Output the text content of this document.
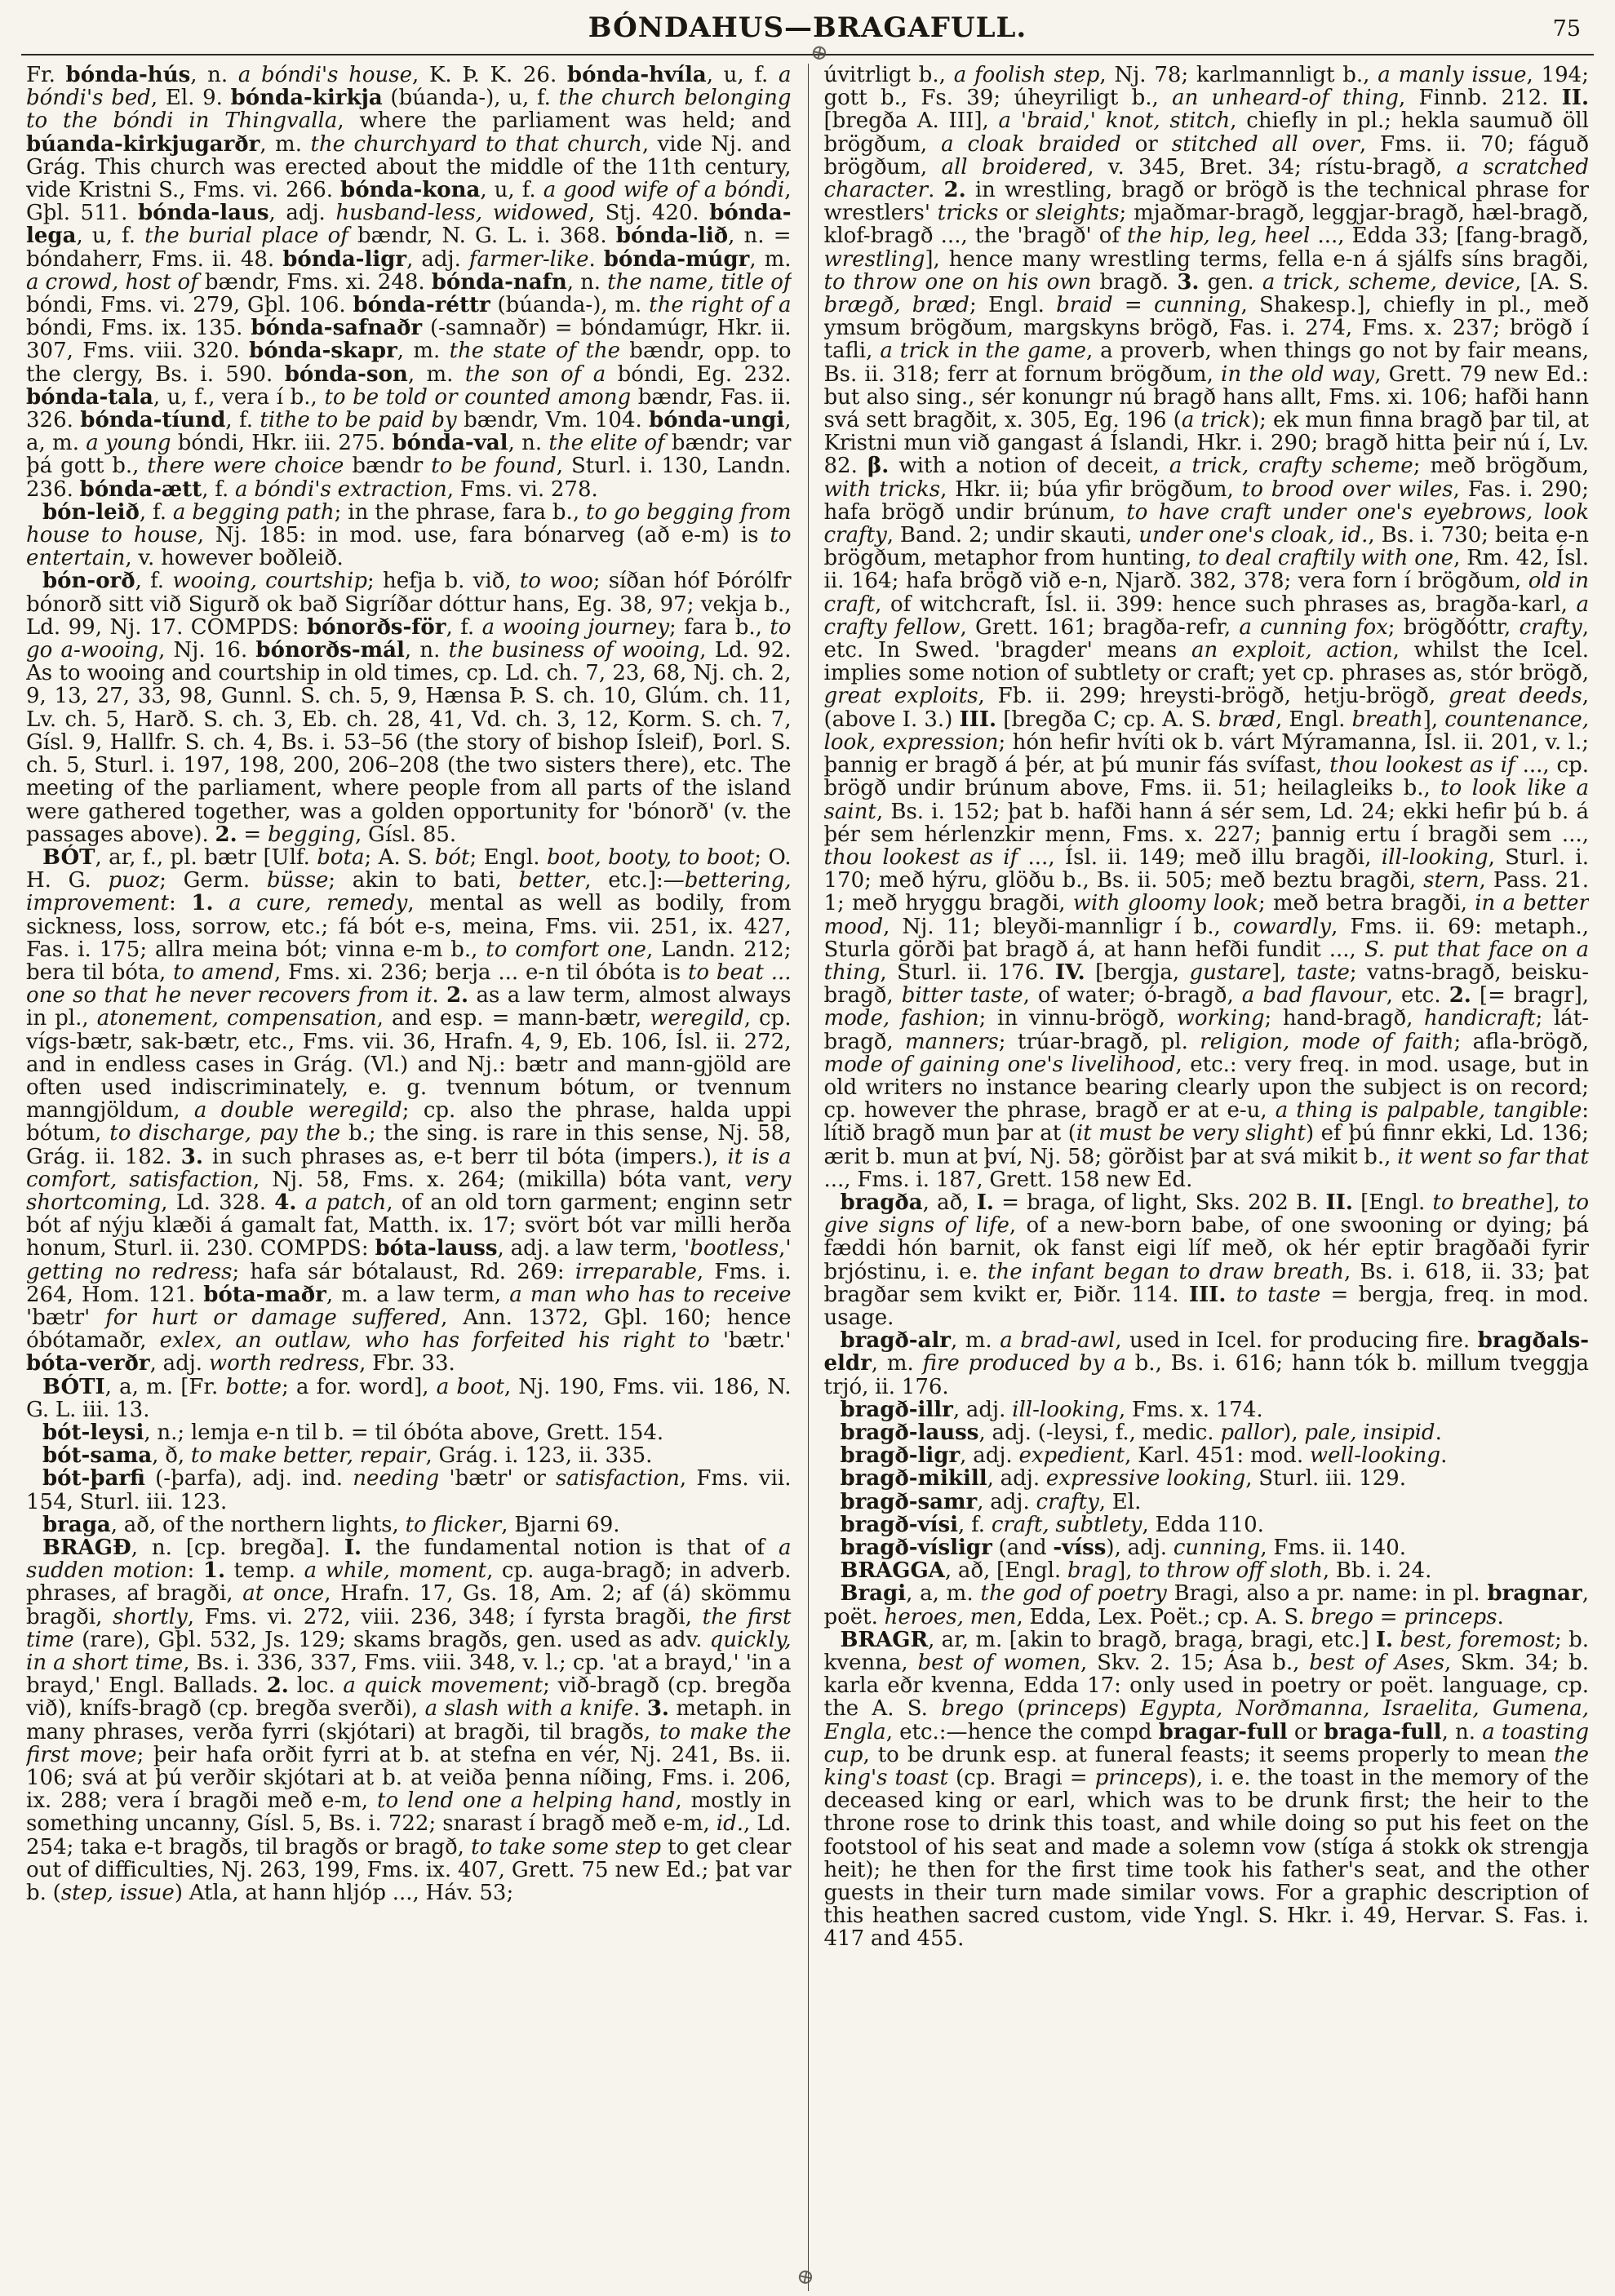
BÓNDAHUS—BRAGAFULL.	75
⊕

Fr. bónda-hús, n. a bóndi's house, K. Þ. K. 26. bónda-hvíla, u, f. a bóndi's bed, El. 9. bónda-kirkja (búanda-), u, f. the church belonging to the bóndi in Thingvalla, where the parliament was held; and búanda-kirkjugarðr, m. the churchyard to that church, vide Nj. and Grág. This church was erected about the middle of the 11th century, vide Kristni S., Fms. vi. 266. bónda-kona, u, f. a good wife of a bóndi, Gþl. 511. bónda-laus, adj. husband-less, widowed, Stj. 420. bónda-lega, u, f. the burial place of bændr, N. G. L. i. 368. bónda-lið, n. = bóndaherr, Fms. ii. 48. bónda-ligr, adj. farmer-like. bónda-múgr, m. a crowd, host of bændr, Fms. xi. 248. bónda-nafn, n. the name, title of bóndi, Fms. vi. 279, Gþl. 106. bónda-réttr (búanda-), m. the right of a bóndi, Fms. ix. 135. bónda-safnaðr (-samnaðr) = bóndamúgr, Hkr. ii. 307, Fms. viii. 320. bónda-skapr, m. the state of the bændr, opp. to the clergy, Bs. i. 590. bónda-son, m. the son of a bóndi, Eg. 232. bónda-tala, u, f., vera í b., to be told or counted among bændr, Fas. ii. 326. bónda-tíund, f. tithe to be paid by bændr, Vm. 104. bónda-ungi, a, m. a young bóndi, Hkr. iii. 275. bónda-val, n. the elite of bændr; var þá gott b., there were choice bændr to be found, Sturl. i. 130, Landn. 236. bónda-ætt, f. a bóndi's extraction, Fms. vi. 278.

bón-leið, f. a begging path; in the phrase, fara b., to go begging from house to house, Nj. 185: in mod. use, fara bónarveg (að e-m) is to entertain, v. however boðleið.

bón-orð, f. wooing, courtship; hefja b. við, to woo; síðan hóf Þórólfr bónorð sitt við Sigurð ok bað Sigríðar dóttur hans, Eg. 38, 97; vekja b., Ld. 99, Nj. 17. COMPDS: bónorðs-för, f. a wooing journey; fara b., to go a-wooing, Nj. 16. bónorðs-mál, n. the business of wooing, Ld. 92. As to wooing and courtship in old times, cp. Ld. ch. 7, 23, 68, Nj. ch. 2, 9, 13, 27, 33, 98, Gunnl. S. ch. 5, 9, Hænsa Þ. S. ch. 10, Glúm. ch. 11, Lv. ch. 5, Harð. S. ch. 3, Eb. ch. 28, 41, Vd. ch. 3, 12, Korm. S. ch. 7, Gísl. 9, Hallfr. S. ch. 4, Bs. i. 53–56 (the story of bishop Ísleif), Þorl. S. ch. 5, Sturl. i. 197, 198, 200, 206–208 (the two sisters there), etc. The meeting of the parliament, where people from all parts of the island were gathered together, was a golden opportunity for 'bónorð' (v. the passages above). 2. = begging, Gísl. 85.

BÓT, ar, f., pl. bætr [Ulf. bota; A. S. bót; Engl. boot, booty, to boot; O. H. G. puoz; Germ. büsse; akin to bati, better, etc.]:—bettering, improvement: 1. a cure, remedy, mental as well as bodily, from sickness, loss, sorrow, etc.; fá bót e-s, meina, Fms. vii. 251, ix. 427, Fas. i. 175; allra meina bót; vinna e-m b., to comfort one, Landn. 212; bera til bóta, to amend, Fms. xi. 236; berja ... e-n til óbóta is to beat ... one so that he never recovers from it. 2. as a law term, almost always in pl., atonement, compensation, and esp. = mann-bætr, weregild, cp. vígs-bætr, sak-bætr, etc., Fms. vii. 36, Hrafn. 4, 9, Eb. 106, Ísl. ii. 272, and in endless cases in Grág. (Vl.) and Nj.: bætr and mann-gjöld are often used indiscriminately, e. g. tvennum bótum, or tvennum manngjöldum, a double weregild; cp. also the phrase, halda uppi bótum, to discharge, pay the b.; the sing. is rare in this sense, Nj. 58, Grág. ii. 182. 3. in such phrases as, e-t berr til bóta (impers.), it is a comfort, satisfaction, Nj. 58, Fms. x. 264; (mikilla) bóta vant, very shortcoming, Ld. 328. 4. a patch, of an old torn garment; enginn setr bót af nýju klæði á gamalt fat, Matth. ix. 17; svört bót var milli herða honum, Sturl. ii. 230. COMPDS: bóta-lauss, adj. a law term, 'bootless,' getting no redress; hafa sár bótalaust, Rd. 269: irreparable, Fms. i. 264, Hom. 121. bóta-maðr, m. a law term, a man who has to receive 'bætr' for hurt or damage suffered, Ann. 1372, Gþl. 160; hence óbótamaðr, exlex, an outlaw, who has forfeited his right to 'bætr.' bóta-verðr, adj. worth redress, Fbr. 33.

BÓTI, a, m. [Fr. botte; a for. word], a boot, Nj. 190, Fms. vii. 186, N. G. L. iii. 13.

bót-leysi, n.; lemja e-n til b. = til óbóta above, Grett. 154.

bót-sama, ð, to make better, repair, Grág. i. 123, ii. 335.

bót-þarfi (-þarfa), adj. ind. needing 'bætr' or satisfaction, Fms. vii. 154, Sturl. iii. 123.

braga, að, of the northern lights, to flicker, Bjarni 69.

BRAGÐ, n. [cp. bregða]. I. the fundamental notion is that of a sudden motion: 1. temp. a while, moment, cp. auga-bragð; in adverb. phrases, af bragði, at once, Hrafn. 17, Gs. 18, Am. 2; af (á) skömmu bragði, shortly, Fms. vi. 272, viii. 236, 348; í fyrsta bragði, the first time (rare), Gþl. 532, Js. 129; skams bragðs, gen. used as adv. quickly, in a short time, Bs. i. 336, 337, Fms. viii. 348, v. l.; cp. 'at a brayd,' 'in a brayd,' Engl. Ballads. 2. loc. a quick movement; við-bragð (cp. bregða við), knífs-bragð (cp. bregða sverði), a slash with a knife. 3. metaph. in many phrases, verða fyrri (skjótari) at bragði, til bragðs, to make the first move; þeir hafa orðit fyrri at b. at stefna en vér, Nj. 241, Bs. ii. 106; svá at þú verðir skjótari at b. at veiða þenna níðing, Fms. i. 206, ix. 288; vera í bragði með e-m, to lend one a helping hand, mostly in something uncanny, Gísl. 5, Bs. i. 722; snarast í bragð með e-m, id., Ld. 254; taka e-t bragðs, til bragðs or bragð, to take some step to get clear out of difficulties, Nj. 263, 199, Fms. ix. 407, Grett. 75 new Ed.; þat var b. (step, issue) Atla, at hann hljóp ..., Háv. 53;

úvitrligt b., a foolish step, Nj. 78; karlmannligt b., a manly issue, 194; gott b., Fs. 39; úheyriligt b., an unheard-of thing, Finnb. 212. II. [bregða A. III], a 'braid,' knot, stitch, chiefly in pl.; hekla saumuð öll brögðum, a cloak braided or stitched all over, Fms. ii. 70; fáguð brögðum, all broidered, v. 345, Bret. 34; rístu-bragð, a scratched character. 2. in wrestling, bragð or brögð is the technical phrase for wrestlers' tricks or sleights; mjaðmar-bragð, leggjar-bragð, hæl-bragð, klof-bragð ..., the 'bragð' of the hip, leg, heel ..., Edda 33; [fang-bragð, wrestling], hence many wrestling terms, fella e-n á sjálfs síns bragði, to throw one on his own bragð. 3. gen. a trick, scheme, device, [A. S. brægð, bræd; Engl. braid = cunning, Shakesp.], chiefly in pl., með ymsum brögðum, margskyns brögð, Fas. i. 274, Fms. x. 237; brögð í tafli, a trick in the game, a proverb, when things go not by fair means, Bs. ii. 318; ferr at fornum brögðum, in the old way, Grett. 79 new Ed.: but also sing., sér konungr nú bragð hans allt, Fms. xi. 106; hafði hann svá sett bragðit, x. 305, Eg. 196 (a trick); ek mun finna bragð þar til, at Kristni mun við gangast á Íslandi, Hkr. i. 290; bragð hitta þeir nú í, Lv. 82. β. with a notion of deceit, a trick, crafty scheme; með brögðum, with tricks, Hkr. ii; búa yfir brögðum, to brood over wiles, Fas. i. 290; hafa brögð undir brúnum, to have craft under one's eyebrows, look crafty, Band. 2; undir skauti, under one's cloak, id., Bs. i. 730; beita e-n brögðum, metaphor from hunting, to deal craftily with one, Rm. 42, Ísl. ii. 164; hafa brögð við e-n, Njarð. 382, 378; vera forn í brögðum, old in craft, of witchcraft, Ísl. ii. 399: hence such phrases as, bragða-karl, a crafty fellow, Grett. 161; bragða-refr, a cunning fox; brögðóttr, crafty, etc. In Swed. 'bragder' means an exploit, action, whilst the Icel. implies some notion of subtlety or craft; yet cp. phrases as, stór brögð, great exploits, Fb. ii. 299; hreysti-brögð, hetju-brögð, great deeds, (above I. 3.) III. [bregða C; cp. A. S. bræd, Engl. breath], countenance, look, expression; hón hefir hvíti ok b. várt Mýramanna, Ísl. ii. 201, v. l.; þannig er bragð á þér, at þú munir fás svífast, thou lookest as if ..., cp. brögð undir brúnum above, Fms. ii. 51; heilagleiks b., to look like a saint, Bs. i. 152; þat b. hafði hann á sér sem, Ld. 24; ekki hefir þú b. á þér sem hérlenzkir menn, Fms. x. 227; þannig ertu í bragði sem ..., thou lookest as if ..., Ísl. ii. 149; með illu bragði, ill-looking, Sturl. i. 170; með hýru, glöðu b., Bs. ii. 505; með beztu bragði, stern, Pass. 21. 1; með hryggu bragði, with gloomy look; með betra bragði, in a better mood, Nj. 11; bleyði-mannligr í b., cowardly, Fms. ii. 69: metaph., Sturla görði þat bragð á, at hann hefði fundit ..., S. put that face on a thing, Sturl. ii. 176. IV. [bergja, gustare], taste; vatns-bragð, beisku-bragð, bitter taste, of water; ó-bragð, a bad flavour, etc. 2. [= bragr], mode, fashion; in vinnu-brögð, working; hand-bragð, handicraft; lát-bragð, manners; trúar-bragð, pl. religion, mode of faith; afla-brögð, mode of gaining one's livelihood, etc.: very freq. in mod. usage, but in old writers no instance bearing clearly upon the subject is on record; cp. however the phrase, bragð er at e-u, a thing is palpable, tangible: lítið bragð mun þar at (it must be very slight) ef þú finnr ekki, Ld. 136; ærit b. mun at því, Nj. 58; görðist þar at svá mikit b., it went so far that ..., Fms. i. 187, Grett. 158 new Ed.

bragða, að, I. = braga, of light, Sks. 202 B. II. [Engl. to breathe], to give signs of life, of a new-born babe, of one swooning or dying; þá fæddi hón barnit, ok fanst eigi líf með, ok hér eptir bragðaði fyrir brjóstinu, i. e. the infant began to draw breath, Bs. i. 618, ii. 33; þat bragðar sem kvikt er, Þiðr. 114. III. to taste = bergja, freq. in mod. usage.

bragð-alr, m. a brad-awl, used in Icel. for producing fire. bragðals-eldr, m. fire produced by a b., Bs. i. 616; hann tók b. millum tveggja trjó, ii. 176.

bragð-illr, adj. ill-looking, Fms. x. 174.

bragð-lauss, adj. (-leysi, f., medic. pallor), pale, insipid.

bragð-ligr, adj. expedient, Karl. 451: mod. well-looking.

bragð-mikill, adj. expressive looking, Sturl. iii. 129.

bragð-samr, adj. crafty, El.

bragð-vísi, f. craft, subtlety, Edda 110.

bragð-vísligr (and -víss), adj. cunning, Fms. ii. 140.

BRAGGA, að, [Engl. brag], to throw off sloth, Bb. i. 24.

Bragi, a, m. the god of poetry Bragi, also a pr. name: in pl. bragnar, poët. heroes, men, Edda, Lex. Poët.; cp. A. S. brego = princeps.

BRAGR, ar, m. [akin to bragð, braga, bragi, etc.] I. best, foremost; b. kvenna, best of women, Skv. 2. 15; Ása b., best of Ases, Skm. 34; b. karla eðr kvenna, Edda 17: only used in poetry or poët. language, cp. the A. S. brego (princeps) Egypta, Norðmanna, Israelita, Gumena, Engla, etc.:—hence the compd bragar-full or braga-full, n. a toasting cup, to be drunk esp. at funeral feasts; it seems properly to mean the king's toast (cp. Bragi = princeps), i. e. the toast in the memory of the deceased king or earl, which was to be drunk first; the heir to the throne rose to drink this toast, and while doing so put his feet on the footstool of his seat and made a solemn vow (stíga á stokk ok strengja heit); he then for the first time took his father's seat, and the other guests in their turn made similar vows. For a graphic description of this heathen sacred custom, vide Yngl. S. Hkr. i. 49, Hervar. S. Fas. i. 417 and 455.

⊕
